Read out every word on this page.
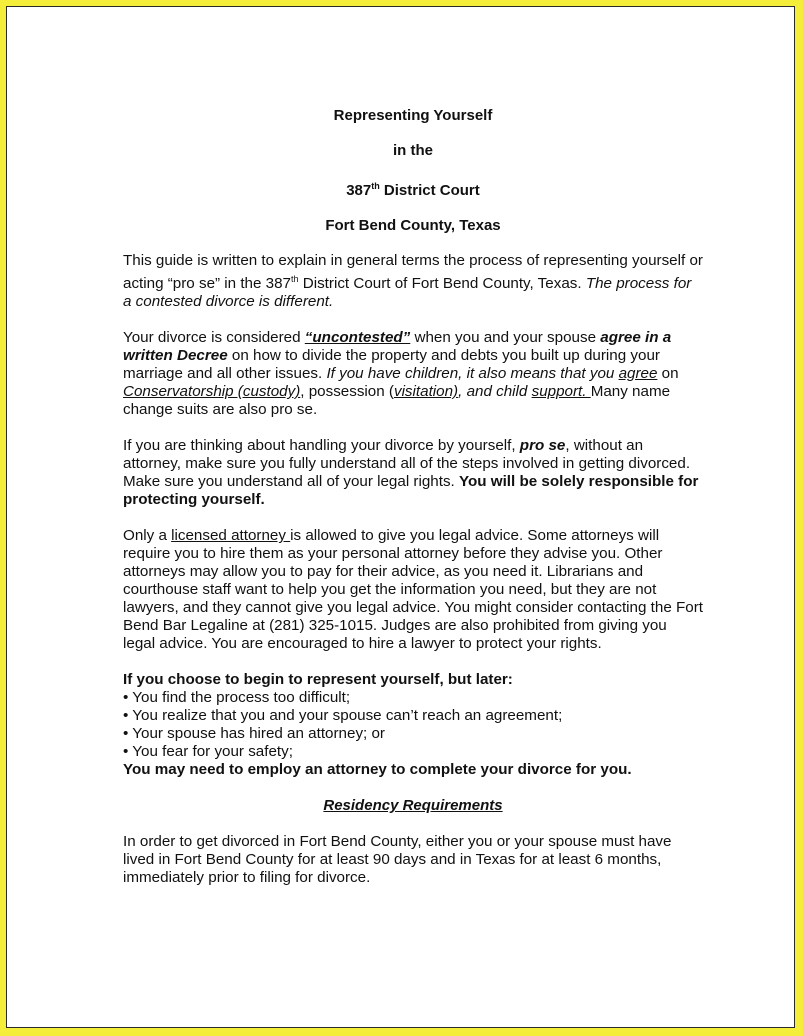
Representing Yourself
in the
387th District Court
Fort Bend County, Texas

This guide is written to explain in general terms the process of representing yourself or acting “pro se” in the 387th District Court of Fort Bend County, Texas. The process for a contested divorce is different.

Your divorce is considered “uncontested” when you and your spouse agree in a written Decree on how to divide the property and debts you built up during your marriage and all other issues. If you have children, it also means that you agree on Conservatorship (custody), possession (visitation), and child support. Many name change suits are also pro se.

If you are thinking about handling your divorce by yourself, pro se, without an attorney, make sure you fully understand all of the steps involved in getting divorced. Make sure you understand all of your legal rights. You will be solely responsible for protecting yourself.

Only a licensed attorney is allowed to give you legal advice. Some attorneys will require you to hire them as your personal attorney before they advise you. Other attorneys may allow you to pay for their advice, as you need it. Librarians and courthouse staff want to help you get the information you need, but they are not lawyers, and they cannot give you legal advice. You might consider contacting the Fort Bend Bar Legaline at (281) 325-1015. Judges are also prohibited from giving you legal advice. You are encouraged to hire a lawyer to protect your rights.

If you choose to begin to represent yourself, but later:
• You find the process too difficult;
• You realize that you and your spouse can’t reach an agreement;
• Your spouse has hired an attorney; or
• You fear for your safety;
You may need to employ an attorney to complete your divorce for you.
Residency Requirements

In order to get divorced in Fort Bend County, either you or your spouse must have lived in Fort Bend County for at least 90 days and in Texas for at least 6 months, immediately prior to filing for divorce.
